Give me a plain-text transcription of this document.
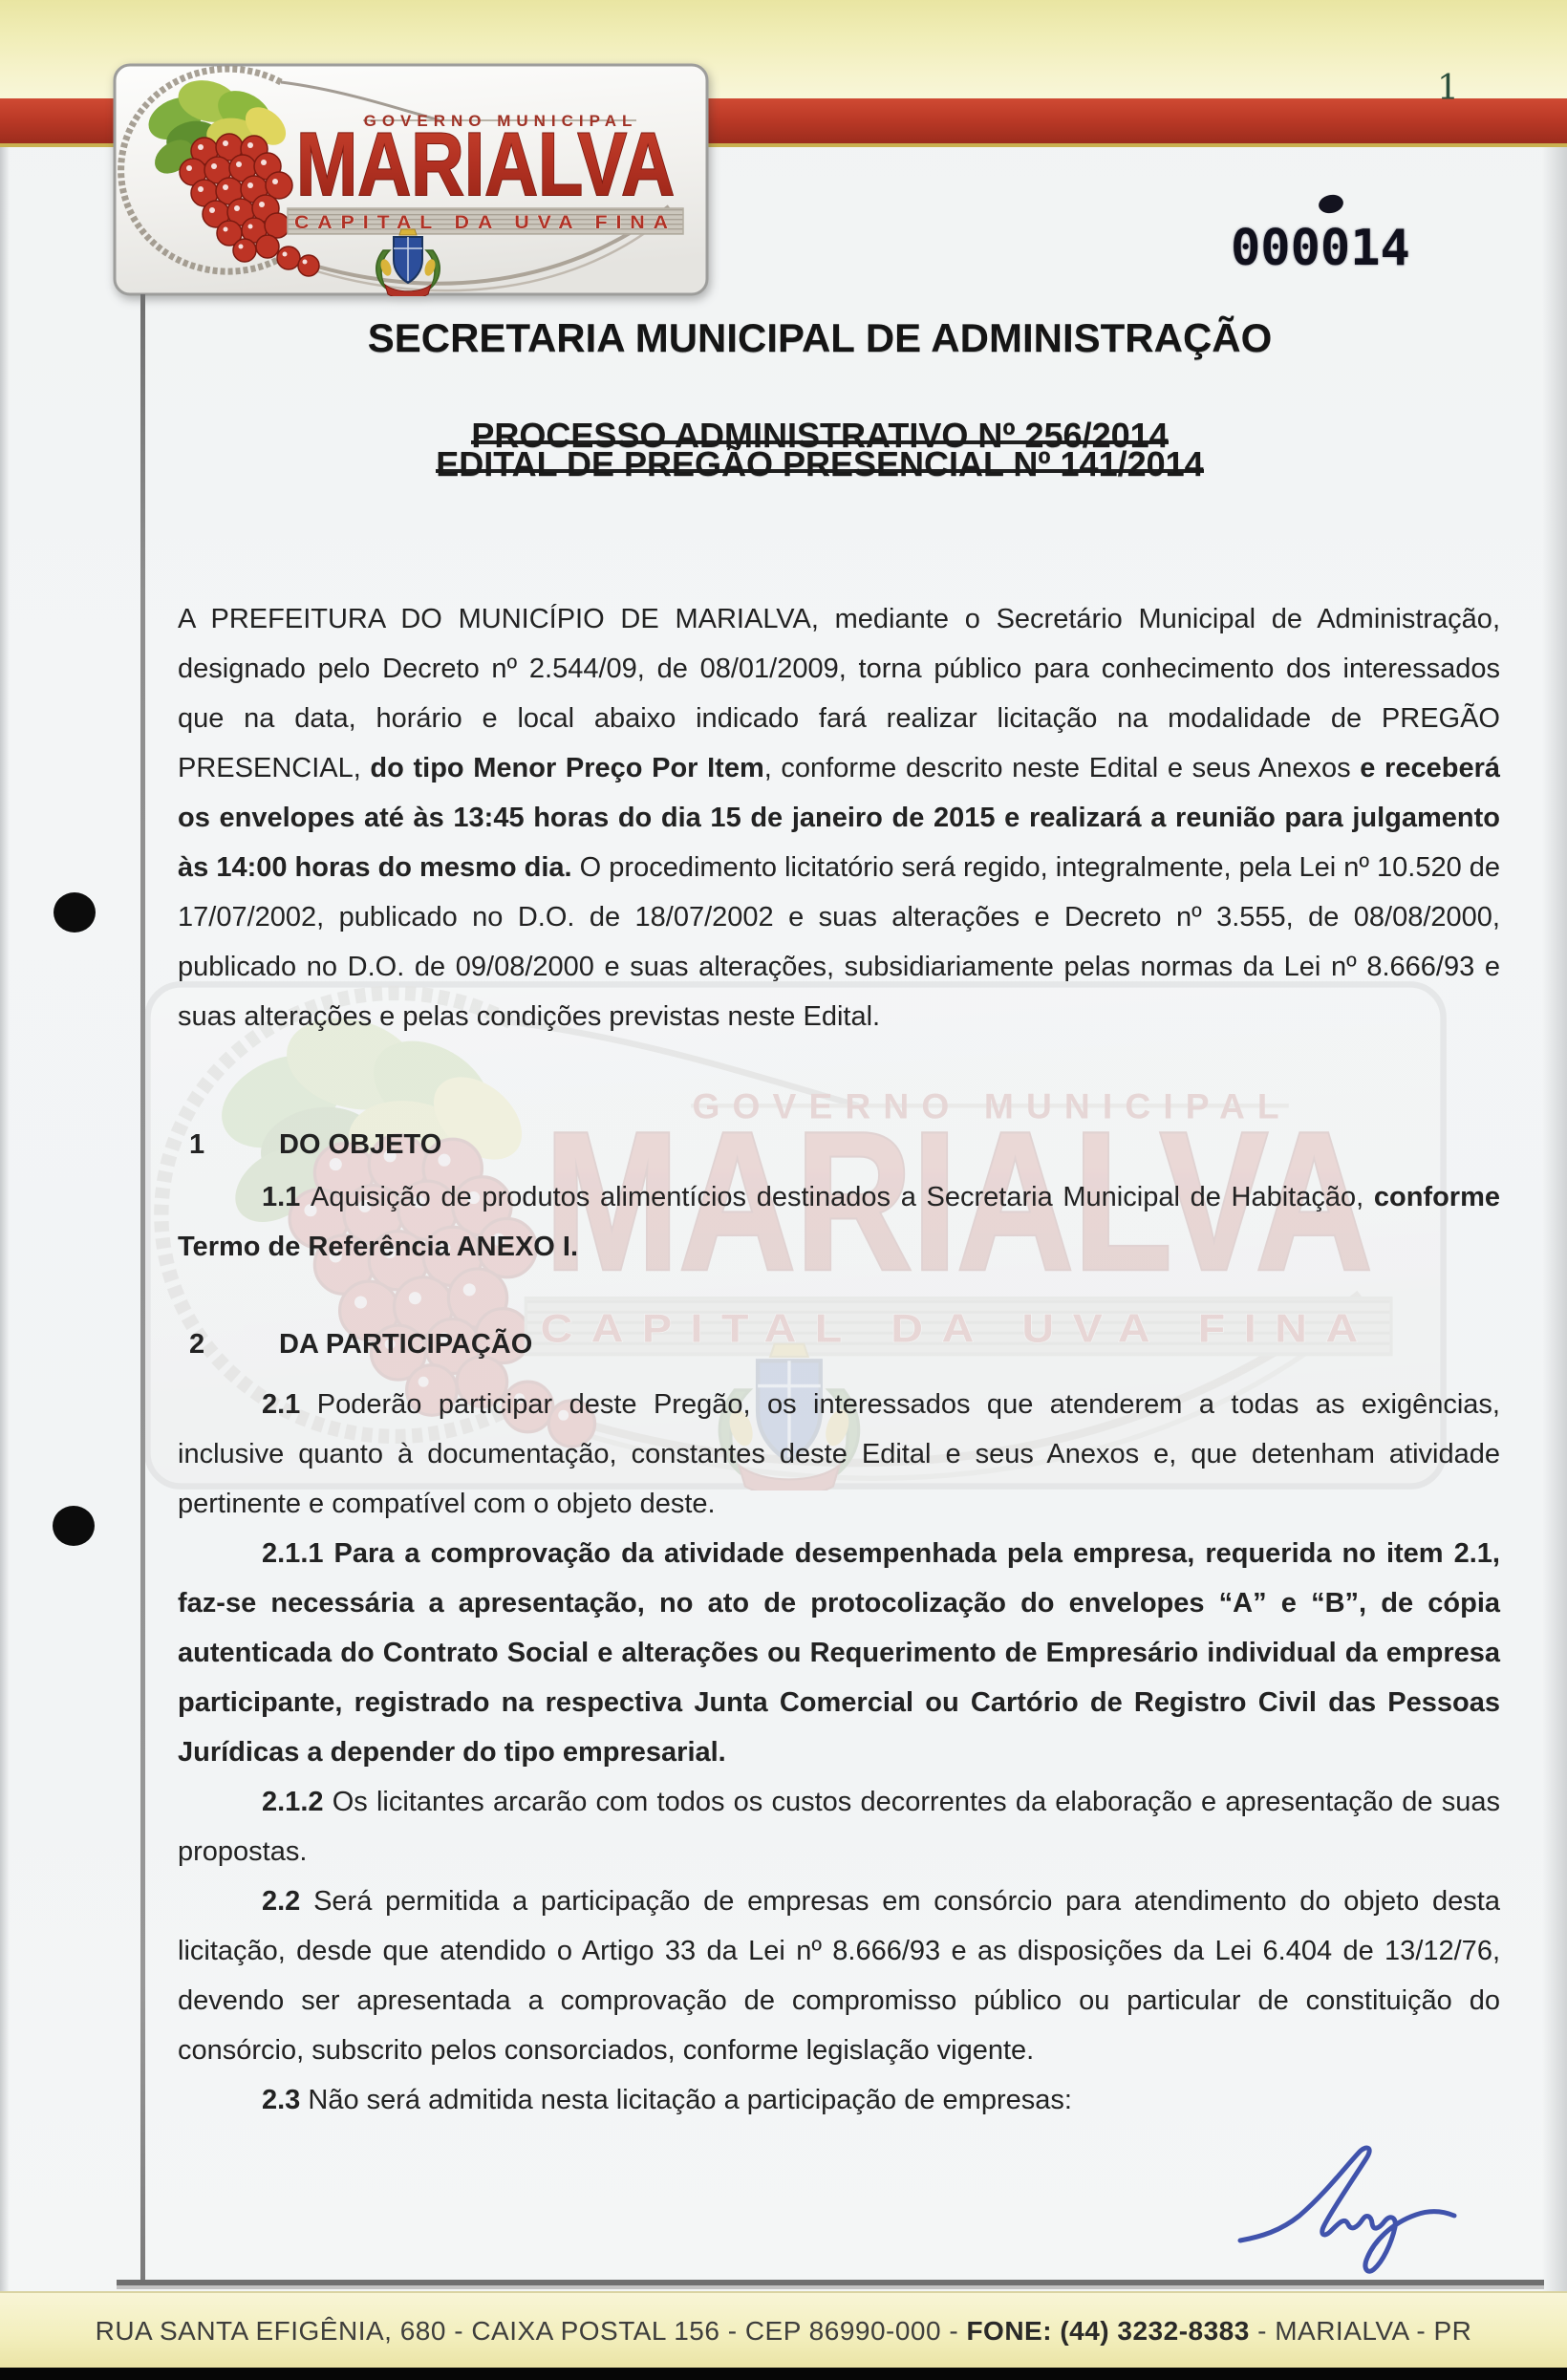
1
000014
SECRETARIA MUNICIPAL DE ADMINISTRAÇÃO
PROCESSO ADMINISTRATIVO Nº 256/2014
EDITAL DE PREGÃO PRESENCIAL Nº 141/2014

A PREFEITURA DO MUNICÍPIO DE MARIALVA, mediante o Secretário Municipal de Administração, designado pelo Decreto nº 2.544/09, de 08/01/2009, torna público para conhecimento dos interessados que na data, horário e local abaixo indicado fará realizar licitação na modalidade de PREGÃO PRESENCIAL, do tipo Menor Preço Por Item, conforme descrito neste Edital e seus Anexos e receberá os envelopes até às 13:45 horas do dia 15 de janeiro de 2015 e realizará a reunião para julgamento às 14:00 horas do mesmo dia. O procedimento licitatório será regido, integralmente, pela Lei nº 10.520 de 17/07/2002, publicado no D.O. de 18/07/2002 e suas alterações e Decreto nº 3.555, de 08/08/2000, publicado no D.O. de 09/08/2000 e suas alterações, subsidiariamente pelas normas da Lei nº 8.666/93 e suas alterações e pelas condições previstas neste Edital.

1	DO OBJETO

1.1 Aquisição de produtos alimentícios destinados a Secretaria Municipal de Habitação, conforme Termo de Referência ANEXO I.

2	DA PARTICIPAÇÃO

2.1 Poderão participar deste Pregão, os interessados que atenderem a todas as exigências, inclusive quanto à documentação, constantes deste Edital e seus Anexos e, que detenham atividade pertinente e compatível com o objeto deste.

2.1.1 Para a comprovação da atividade desempenhada pela empresa, requerida no item 2.1, faz-se necessária a apresentação, no ato de protocolização do envelopes “A” e “B”, de cópia autenticada do Contrato Social e alterações ou Requerimento de Empresário individual da empresa participante, registrado na respectiva Junta Comercial ou Cartório de Registro Civil das Pessoas Jurídicas a depender do tipo empresarial.

2.1.2 Os licitantes arcarão com todos os custos decorrentes da elaboração e apresentação de suas propostas.

2.2 Será permitida a participação de empresas em consórcio para atendimento do objeto desta licitação, desde que atendido o Artigo 33 da Lei nº 8.666/93 e as disposições da Lei 6.404 de 13/12/76, devendo ser apresentada a comprovação de compromisso público ou particular de constituição do consórcio, subscrito pelos consorciados, conforme legislação vigente.

2.3 Não será admitida nesta licitação a participação de empresas:

RUA SANTA EFIGÊNIA, 680 - CAIXA POSTAL 156 - CEP 86990-000 - FONE: (44) 3232-8383 - MARIALVA - PR
